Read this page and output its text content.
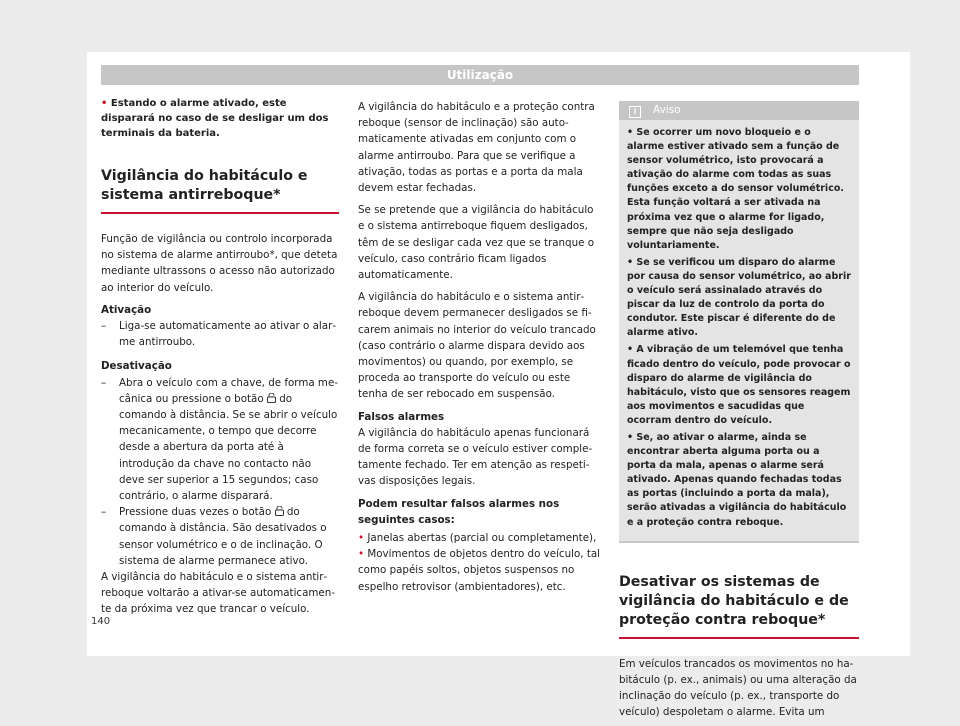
Utilização

• Estando o alarme ativado, este disparará no caso de se desligar um dos terminais da bateria.

Vigilância do habitáculo e sistema antirreboque*

Função de vigilância ou controlo incorporada no sistema de alarme antirroubo*, que deteta mediante ultrassons o acesso não autorizado ao interior do veículo.

Ativação

– Liga-se automaticamente ao ativar o alarme antirroubo.

Desativação

– Abra o veículo com a chave, de forma mecânica ou pressione o botão do comando à distância. Se se abrir o veículo mecanicamente, o tempo que decorre desde a abertura da porta até à introdução da chave no contacto não deve ser superior a 15 segundos; caso contrário, o alarme disparará.

– Pressione duas vezes o botão do comando à distância. São desativados o sensor volumétrico e o de inclinação. O sistema de alarme permanece ativo.

A vigilância do habitáculo e o sistema antirreboque voltarão a ativar-se automaticamente da próxima vez que trancar o veículo.

A vigilância do habitáculo e a proteção contra reboque (sensor de inclinação) são automaticamente ativadas em conjunto com o alarme antirroubo. Para que se verifique a ativação, todas as portas e a porta da mala devem estar fechadas.

Se se pretende que a vigilância do habitáculo e o sistema antirreboque fiquem desligados, têm de se desligar cada vez que se tranque o veículo, caso contrário ficam ligados automaticamente.

A vigilância do habitáculo e o sistema antirreboque devem permanecer desligados se ficarem animais no interior do veículo trancado (caso contrário o alarme dispara devido aos movimentos) ou quando, por exemplo, se proceda ao transporte do veículo ou este tenha de ser rebocado em suspensão.

Falsos alarmes

A vigilância do habitáculo apenas funcionará de forma correta se o veículo estiver completamente fechado. Ter em atenção as respetivas disposições legais.

Podem resultar falsos alarmes nos seguintes casos:

• Janelas abertas (parcial ou completamente),

• Movimentos de objetos dentro do veículo, tal como papéis soltos, objetos suspensos no espelho retrovisor (ambientadores), etc.

i Aviso

• Se ocorrer um novo bloqueio e o alarme estiver ativado sem a função de sensor volumétrico, isto provocará a ativação do alarme com todas as suas funções exceto a do sensor volumétrico. Esta função voltará a ser ativada na próxima vez que o alarme for ligado, sempre que não seja desligado voluntariamente.

• Se se verificou um disparo do alarme por causa do sensor volumétrico, ao abrir o veículo será assinalado através do piscar da luz de controlo da porta do condutor. Este piscar é diferente do de alarme ativo.

• A vibração de um telemóvel que tenha ficado dentro do veículo, pode provocar o disparo do alarme de vigilância do habitáculo, visto que os sensores reagem aos movimentos e sacudidas que ocorram dentro do veículo.

• Se, ao ativar o alarme, ainda se encontrar aberta alguma porta ou a porta da mala, apenas o alarme será ativado. Apenas quando fechadas todas as portas (incluindo a porta da mala), serão ativadas a vigilância do habitáculo e a proteção contra reboque.

Desativar os sistemas de vigilância do habitáculo e de proteção contra reboque*

Em veículos trancados os movimentos no habitáculo (p. ex., animais) ou uma alteração da inclinação do veículo (p. ex., transporte do veículo) despoletam o alarme. Evita um

140
